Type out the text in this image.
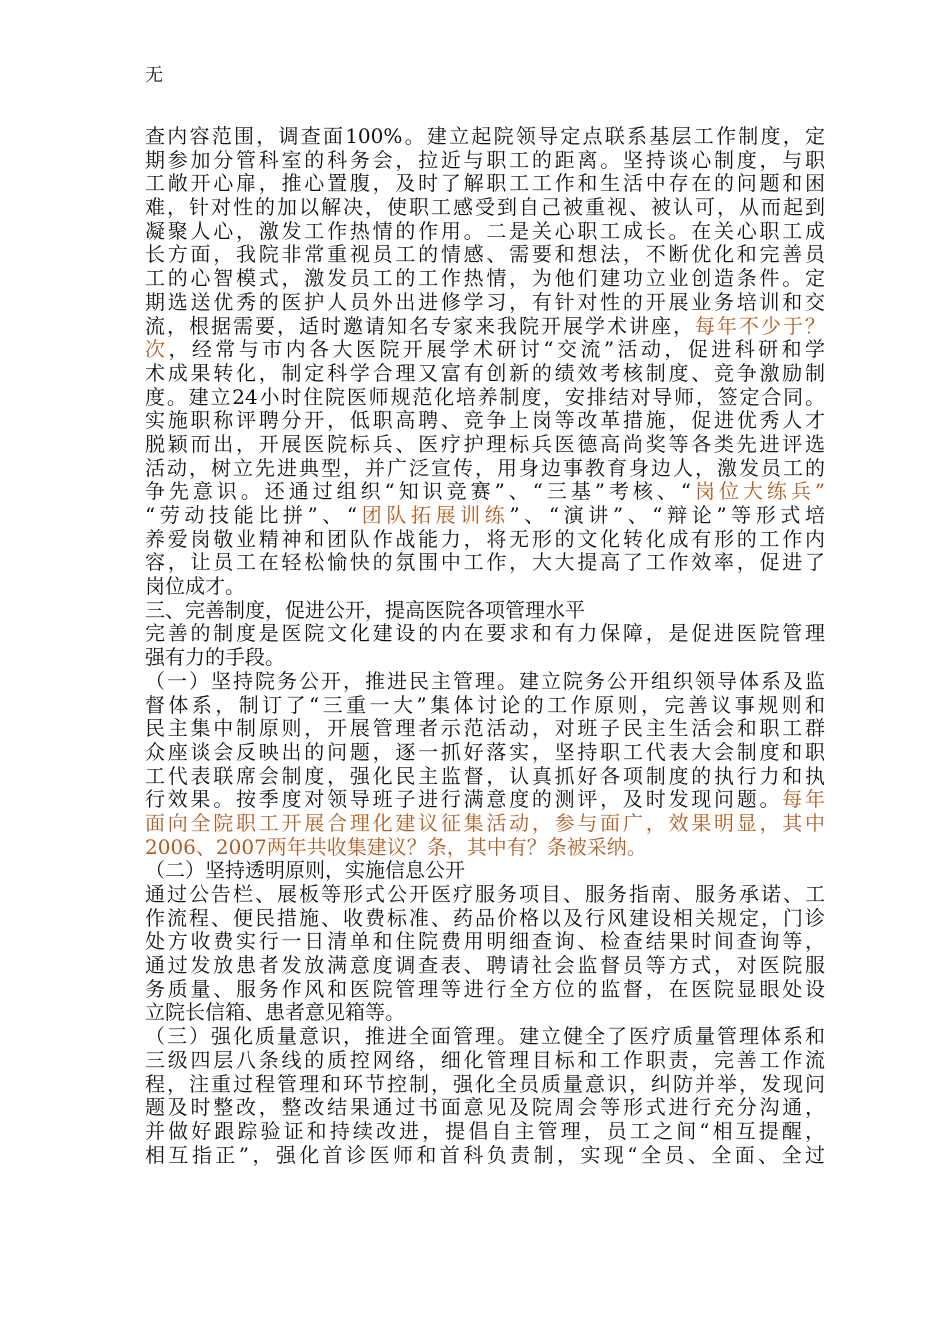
无
查内容范围，调查面100%。建立起院领导定点联系基层工作制度，定
期参加分管科室的科务会，拉近与职工的距离。坚持谈心制度，与职
工敞开心扉，推心置腹，及时了解职工工作和生活中存在的问题和困
难，针对性的加以解决，使职工感受到自己被重视、被认可，从而起到
凝聚人心，激发工作热情的作用。二是关心职工成长。在关心职工成
长方面，我院非常重视员工的情感、需要和想法，不断优化和完善员
工的心智模式，激发员工的工作热情，为他们建功立业创造条件。定
期选送优秀的医护人员外出进修学习，有针对性的开展业务培训和交
流，根据需要，适时邀请知名专家来我院开展学术讲座，每年不少于？
次，经常与市内各大医院开展学术研讨“交流”活动，促进科研和学
术成果转化，制定科学合理又富有创新的绩效考核制度、竞争激励制
度。建立24小时住院医师规范化培养制度，安排结对导师，签定合同。
实施职称评聘分开，低职高聘、竞争上岗等改革措施，促进优秀人才
脱颖而出，开展医院标兵、医疗护理标兵医德高尚奖等各类先进评选
活动，树立先进典型，并广泛宣传，用身边事教育身边人，激发员工的
争先意识。还通过组织“知识竞赛”、“三基”考核、“岗位大练兵”
“劳动技能比拼”、“团队拓展训练”、“演讲”、“辩论”等形式培
养爱岗敬业精神和团队作战能力，将无形的文化转化成有形的工作内
容，让员工在轻松愉快的氛围中工作，大大提高了工作效率，促进了
岗位成才。
三、完善制度，促进公开，提高医院各项管理水平
完善的制度是医院文化建设的内在要求和有力保障，是促进医院管理
强有力的手段。
（一）坚持院务公开，推进民主管理。建立院务公开组织领导体系及监
督体系，制订了“三重一大”集体讨论的工作原则，完善议事规则和
民主集中制原则，开展管理者示范活动，对班子民主生活会和职工群
众座谈会反映出的问题，逐一抓好落实，坚持职工代表大会制度和职
工代表联席会制度，强化民主监督，认真抓好各项制度的执行力和执
行效果。按季度对领导班子进行满意度的测评，及时发现问题。每年
面向全院职工开展合理化建议征集活动，参与面广，效果明显，其中
2006、2007两年共收集建议？条，其中有？条被采纳。
（二）坚持透明原则，实施信息公开
通过公告栏、展板等形式公开医疗服务项目、服务指南、服务承诺、工
作流程、便民措施、收费标准、药品价格以及行风建设相关规定，门诊
处方收费实行一日清单和住院费用明细查询、检查结果时间查询等，
通过发放患者发放满意度调查表、聘请社会监督员等方式，对医院服
务质量、服务作风和医院管理等进行全方位的监督，在医院显眼处设
立院长信箱、患者意见箱等。
（三）强化质量意识，推进全面管理。建立健全了医疗质量管理体系和
三级四层八条线的质控网络，细化管理目标和工作职责，完善工作流
程，注重过程管理和环节控制，强化全员质量意识，纠防并举，发现问
题及时整改，整改结果通过书面意见及院周会等形式进行充分沟通，
并做好跟踪验证和持续改进，提倡自主管理，员工之间“相互提醒，
相互指正”，强化首诊医师和首科负责制，实现“全员、全面、全过
